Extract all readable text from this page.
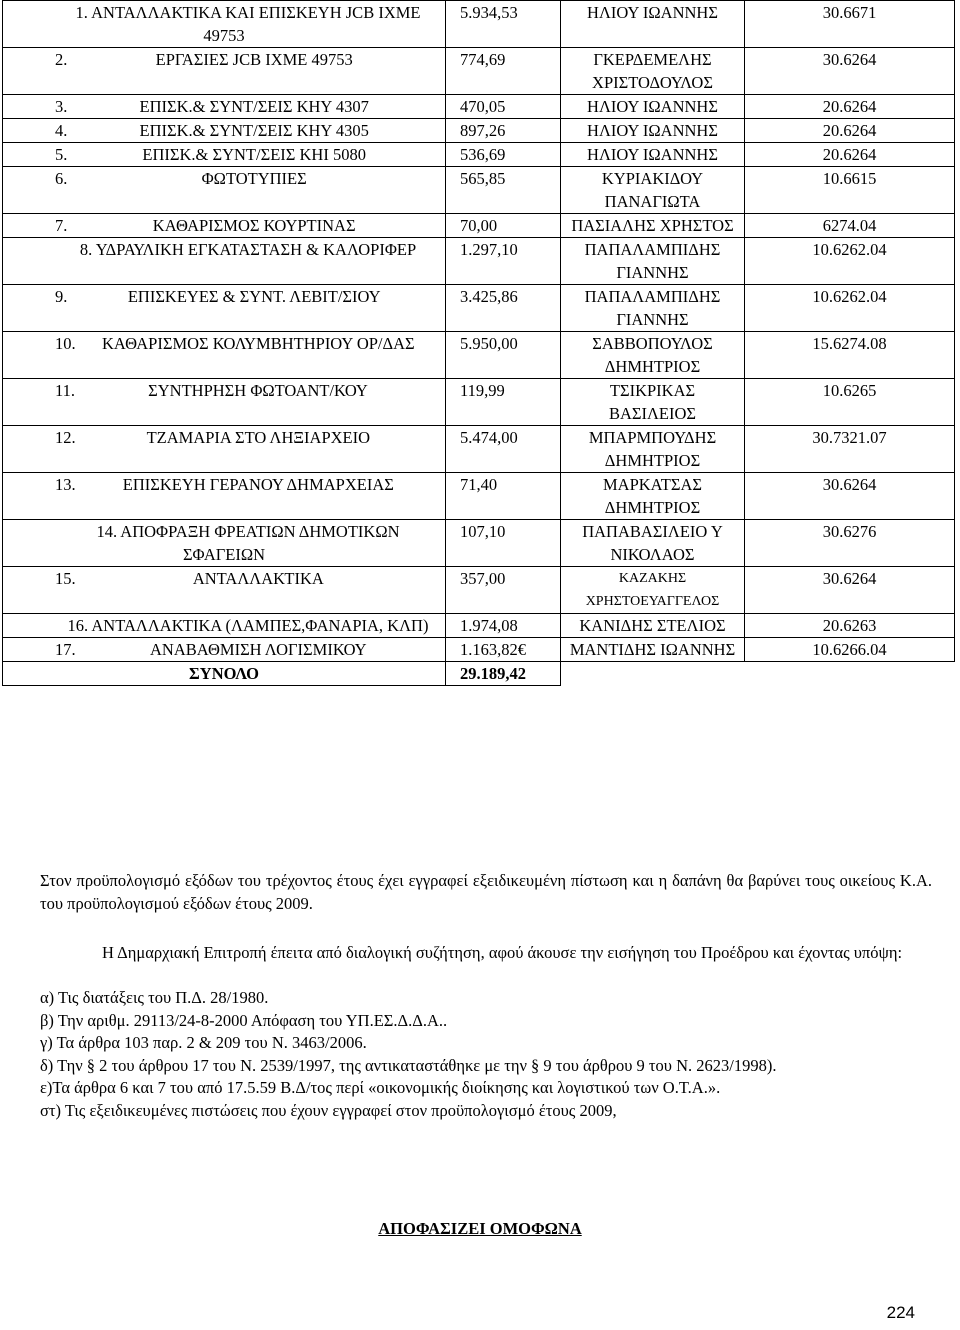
1. ΑΝΤΑΛΛΑΚΤΙΚΑ ΚΑΙ ΕΠΙΣΚΕΥΗ JCB ΙΧΜΕ 49753	5.934,53	ΗΛΙΟΥ ΙΩΑΝΝΗΣ	30.6671

2. ΕΡΓΑΣΙΕΣ JCB ΙΧΜΕ 49753	774,69	ΓΚΕΡΔΕΜΕΛΗΣ ΧΡΙΣΤΟΔΟΥΛΟΣ	30.6264

3. ΕΠΙΣΚ.& ΣΥΝΤ/ΣΕΙΣ ΚΗΥ 4307	470,05	ΗΛΙΟΥ ΙΩΑΝΝΗΣ	20.6264

4. ΕΠΙΣΚ.& ΣΥΝΤ/ΣΕΙΣ ΚΗΥ 4305	897,26	ΗΛΙΟΥ ΙΩΑΝΝΗΣ	20.6264

5. ΕΠΙΣΚ.& ΣΥΝΤ/ΣΕΙΣ ΚΗΙ 5080	536,69	ΗΛΙΟΥ ΙΩΑΝΝΗΣ	20.6264

6. ΦΩΤΟΤΥΠΙΕΣ	565,85	ΚΥΡΙΑΚΙΔΟΥ ΠΑΝΑΓΙΩΤΑ	10.6615

7. ΚΑΘΑΡΙΣΜΟΣ ΚΟΥΡΤΙΝΑΣ	70,00	ΠΑΣΙΑΛΗΣ ΧΡΗΣΤΟΣ	6274.04
8. ΥΔΡΑΥΛΙΚΗ ΕΓΚΑΤΑΣΤΑΣΗ & ΚΑΛΟΡΙΦΕΡ	1.297,10	ΠΑΠΑΛΑΜΠΙΔΗΣ ΓΙΑΝΝΗΣ	10.6262.04

9. ΕΠΙΣΚΕΥΕΣ & ΣΥΝΤ. ΛΕΒΙΤ/ΣΙΟΥ	3.425,86	ΠΑΠΑΛΑΜΠΙΔΗΣ ΓΙΑΝΝΗΣ	10.6262.04

10. ΚΑΘΑΡΙΣΜΟΣ ΚΟΛΥΜΒΗΤΗΡΙΟΥ ΟΡ/ΔΑΣ	5.950,00	ΣΑΒΒΟΠΟΥΛΟΣ ΔΗΜΗΤΡΙΟΣ	15.6274.08

11. ΣΥΝΤΗΡΗΣΗ ΦΩΤΟΑΝΤ/ΚΟΥ	119,99	ΤΣΙΚΡΙΚΑΣ ΒΑΣΙΛΕΙΟΣ	10.6265

12. ΤΖΑΜΑΡΙΑ ΣΤΟ ΛΗΞΙΑΡΧΕΙΟ	5.474,00	ΜΠΑΡΜΠΟΥΔΗΣ ΔΗΜΗΤΡΙΟΣ	30.7321.07

13. ΕΠΙΣΚΕΥΗ ΓΕΡΑΝΟΥ ΔΗΜΑΡΧΕΙΑΣ	71,40	ΜΑΡΚΑΤΣΑΣ ΔΗΜΗΤΡΙΟΣ	30.6264
14. ΑΠΟΦΡΑΞΗ ΦΡΕΑΤΙΩΝ ΔΗΜΟΤΙΚΩΝ ΣΦΑΓΕΙΩΝ	107,10	ΠΑΠΑΒΑΣΙΛΕΙΟ Υ ΝΙΚΟΛΑΟΣ	30.6276

15. ΑΝΤΑΛΛΑΚΤΙΚΑ	357,00	ΚΑΖΑΚΗΣ ΧΡΗΣΤΟΕΥΑΓΓΕΛΟΣ	30.6264
16. ΑΝΤΑΛΛΑΚΤΙΚΑ (ΛΑΜΠΕΣ,ΦΑΝΑΡΙΑ, ΚΛΠ)	1.974,08	ΚΑΝΙΔΗΣ ΣΤΕΛΙΟΣ	20.6263

17. ΑΝΑΒΑΘΜΙΣΗ ΛΟΓΙΣΜΙΚΟΥ	1.163,82€	ΜΑΝΤΙΔΗΣ ΙΩΑΝΝΗΣ	10.6266.04
ΣΥΝΟΛΟ	29.189,42		
Στον προϋπολογισμό εξόδων του τρέχοντος έτους έχει εγγραφεί εξειδικευμένη πίστωση και η δαπάνη θα βαρύνει τους οικείους Κ.Α. του προϋπολογισμού εξόδων έτους 2009.
Η Δημαρχιακή Επιτροπή έπειτα από διαλογική συζήτηση, αφού άκουσε την εισήγηση του Προέδρου και έχοντας υπόψη:
α) Τις διατάξεις του Π.Δ. 28/1980.
β) Την αριθμ. 29113/24-8-2000 Απόφαση του ΥΠ.ΕΣ.Δ.Δ.Α..
γ) Τα άρθρα 103 παρ. 2 & 209 του Ν. 3463/2006.
δ) Την § 2 του άρθρου 17 του Ν. 2539/1997, της αντικαταστάθηκε με την § 9 του άρθρου 9 του Ν. 2623/1998).
ε)Τα άρθρα 6 και 7 του από 17.5.59 Β.Δ/τος περί «οικονομικής διοίκησης και λογιστικού των Ο.Τ.Α.».
στ) Τις εξειδικευμένες πιστώσεις που έχουν εγγραφεί στον προϋπολογισμό έτους 2009,
ΑΠΟΦΑΣΙΖΕΙ ΟΜΟΦΩΝΑ
224
